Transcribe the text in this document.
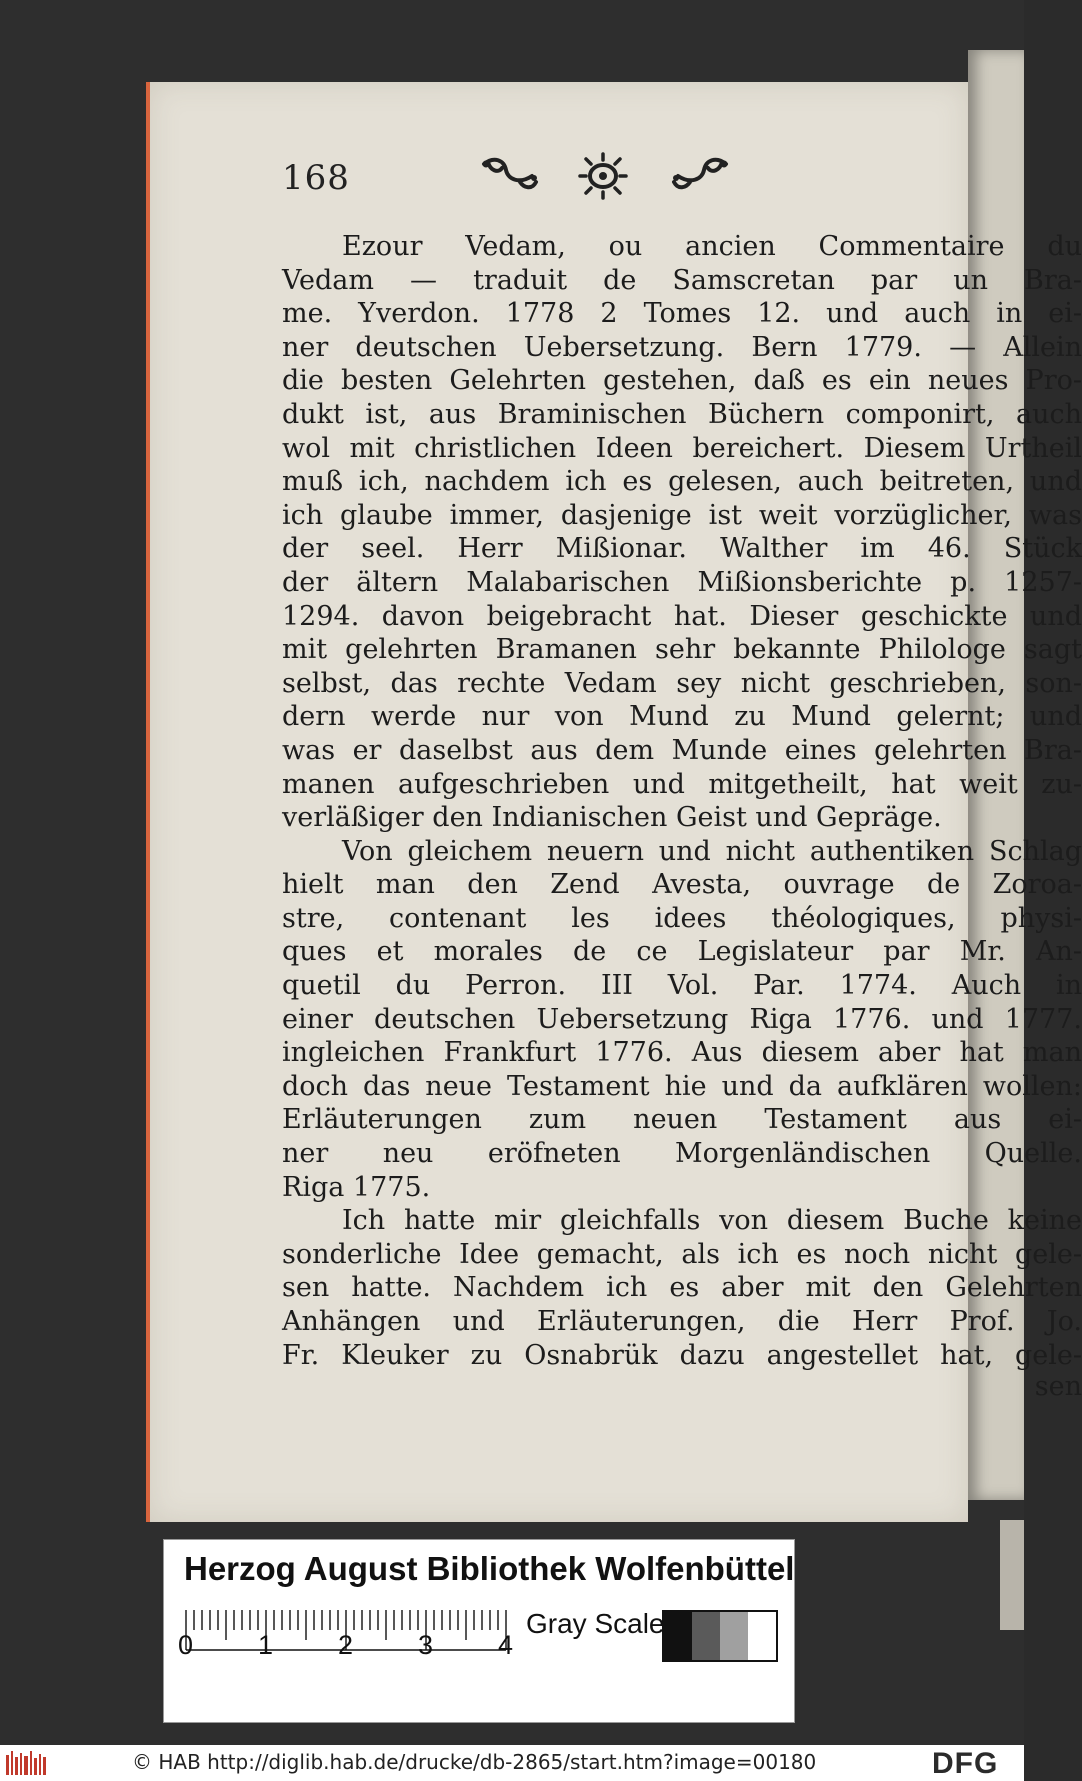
168
Ezour Vedam, ou ancien Commentaire du
Vedam — traduit de Samscretan par un Bra-
me. Yverdon. 1778 2 Tomes 12. und auch in ei-
ner deutschen Uebersetzung. Bern 1779. — Allein
die besten Gelehrten gestehen, daß es ein neues Pro-
dukt ist, aus Braminischen Büchern componirt, auch
wol mit christlichen Ideen bereichert. Diesem Urtheil
muß ich, nachdem ich es gelesen, auch beitreten, und
ich glaube immer, dasjenige ist weit vorzüglicher, was
der seel. Herr Mißionar. Walther im 46. Stück
der ältern Malabarischen Mißionsberichte p. 1257-
1294. davon beigebracht hat. Dieser geschickte und
mit gelehrten Bramanen sehr bekannte Philologe sagt
selbst, das rechte Vedam sey nicht geschrieben, son-
dern werde nur von Mund zu Mund gelernt; und
was er daselbst aus dem Munde eines gelehrten Bra-
manen aufgeschrieben und mitgetheilt, hat weit zu-
verläßiger den Indianischen Geist und Gepräge.
Von gleichem neuern und nicht authentiken Schlag
hielt man den Zend Avesta, ouvrage de Zoroa-
stre, contenant les idees théologiques, physi-
ques et morales de ce Legislateur par Mr. An-
quetil du Perron. III Vol. Par. 1774. Auch in
einer deutschen Uebersetzung Riga 1776. und 1777.
ingleichen Frankfurt 1776. Aus diesem aber hat man
doch das neue Testament hie und da aufklären wollen:
Erläuterungen zum neuen Testament aus ei-
ner neu eröfneten Morgenländischen Quelle.
Riga 1775.
Ich hatte mir gleichfalls von diesem Buche keine
sonderliche Idee gemacht, als ich es noch nicht gele-
sen hatte. Nachdem ich es aber mit den Gelehrten
Anhängen und Erläuterungen, die Herr Prof. Jo.
Fr. Kleuker zu Osnabrük dazu angestellet hat, gele-
sen
Herzog August Bibliothek Wolfenbüttel
0 1 2 3 4
Gray Scale
© HAB http://diglib.hab.de/drucke/db-2865/start.htm?image=00180	DFG
